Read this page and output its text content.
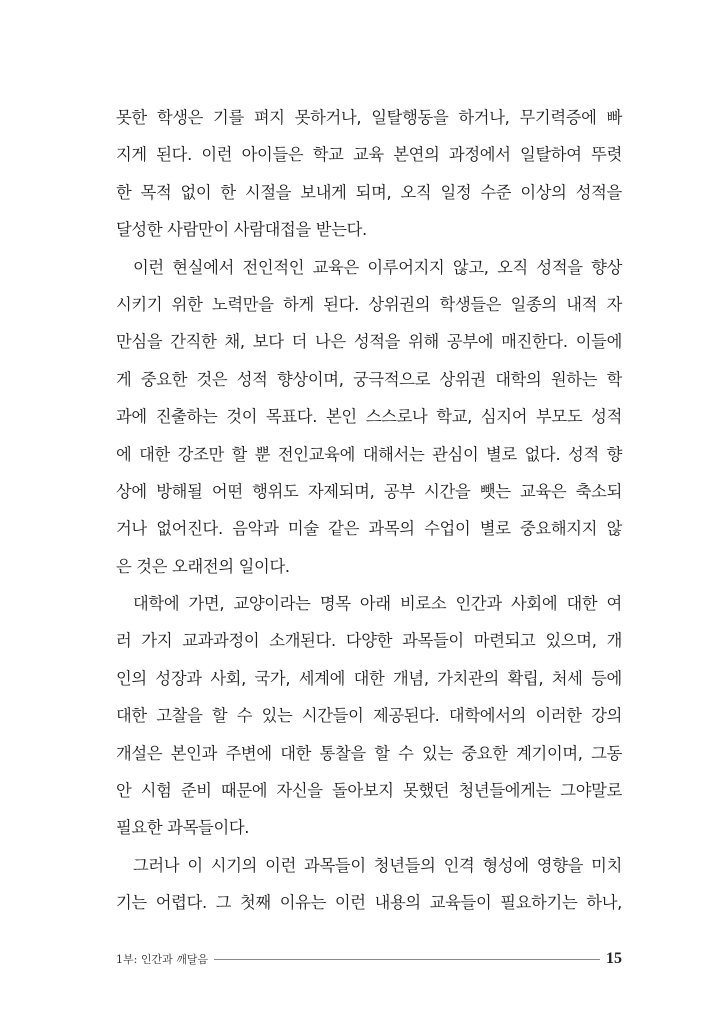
못한 학생은 기를 펴지 못하거나, 일탈행동을 하거나, 무기력증에 빠
지게 된다. 이런 아이들은 학교 교육 본연의 과정에서 일탈하여 뚜렷
한 목적 없이 한 시절을 보내게 되며, 오직 일정 수준 이상의 성적을
달성한 사람만이 사람대접을 받는다.
이런 현실에서 전인적인 교육은 이루어지지 않고, 오직 성적을 향상
시키기 위한 노력만을 하게 된다. 상위권의 학생들은 일종의 내적 자
만심을 간직한 채, 보다 더 나은 성적을 위해 공부에 매진한다. 이들에
게 중요한 것은 성적 향상이며, 궁극적으로 상위권 대학의 원하는 학
과에 진출하는 것이 목표다. 본인 스스로나 학교, 심지어 부모도 성적
에 대한 강조만 할 뿐 전인교육에 대해서는 관심이 별로 없다. 성적 향
상에 방해될 어떤 행위도 자제되며, 공부 시간을 뺏는 교육은 축소되
거나 없어진다. 음악과 미술 같은 과목의 수업이 별로 중요해지지 않
은 것은 오래전의 일이다.
대학에 가면, 교양이라는 명목 아래 비로소 인간과 사회에 대한 여
러 가지 교과과정이 소개된다. 다양한 과목들이 마련되고 있으며, 개
인의 성장과 사회, 국가, 세계에 대한 개념, 가치관의 확립, 처세 등에
대한 고찰을 할 수 있는 시간들이 제공된다. 대학에서의 이러한 강의
개설은 본인과 주변에 대한 통찰을 할 수 있는 중요한 계기이며, 그동
안 시험 준비 때문에 자신을 돌아보지 못했던 청년들에게는 그야말로
필요한 과목들이다.
그러나 이 시기의 이런 과목들이 청년들의 인격 형성에 영향을 미치
기는 어렵다. 그 첫째 이유는 이런 내용의 교육들이 필요하기는 하나,
1부: 인간과 깨달음	15
